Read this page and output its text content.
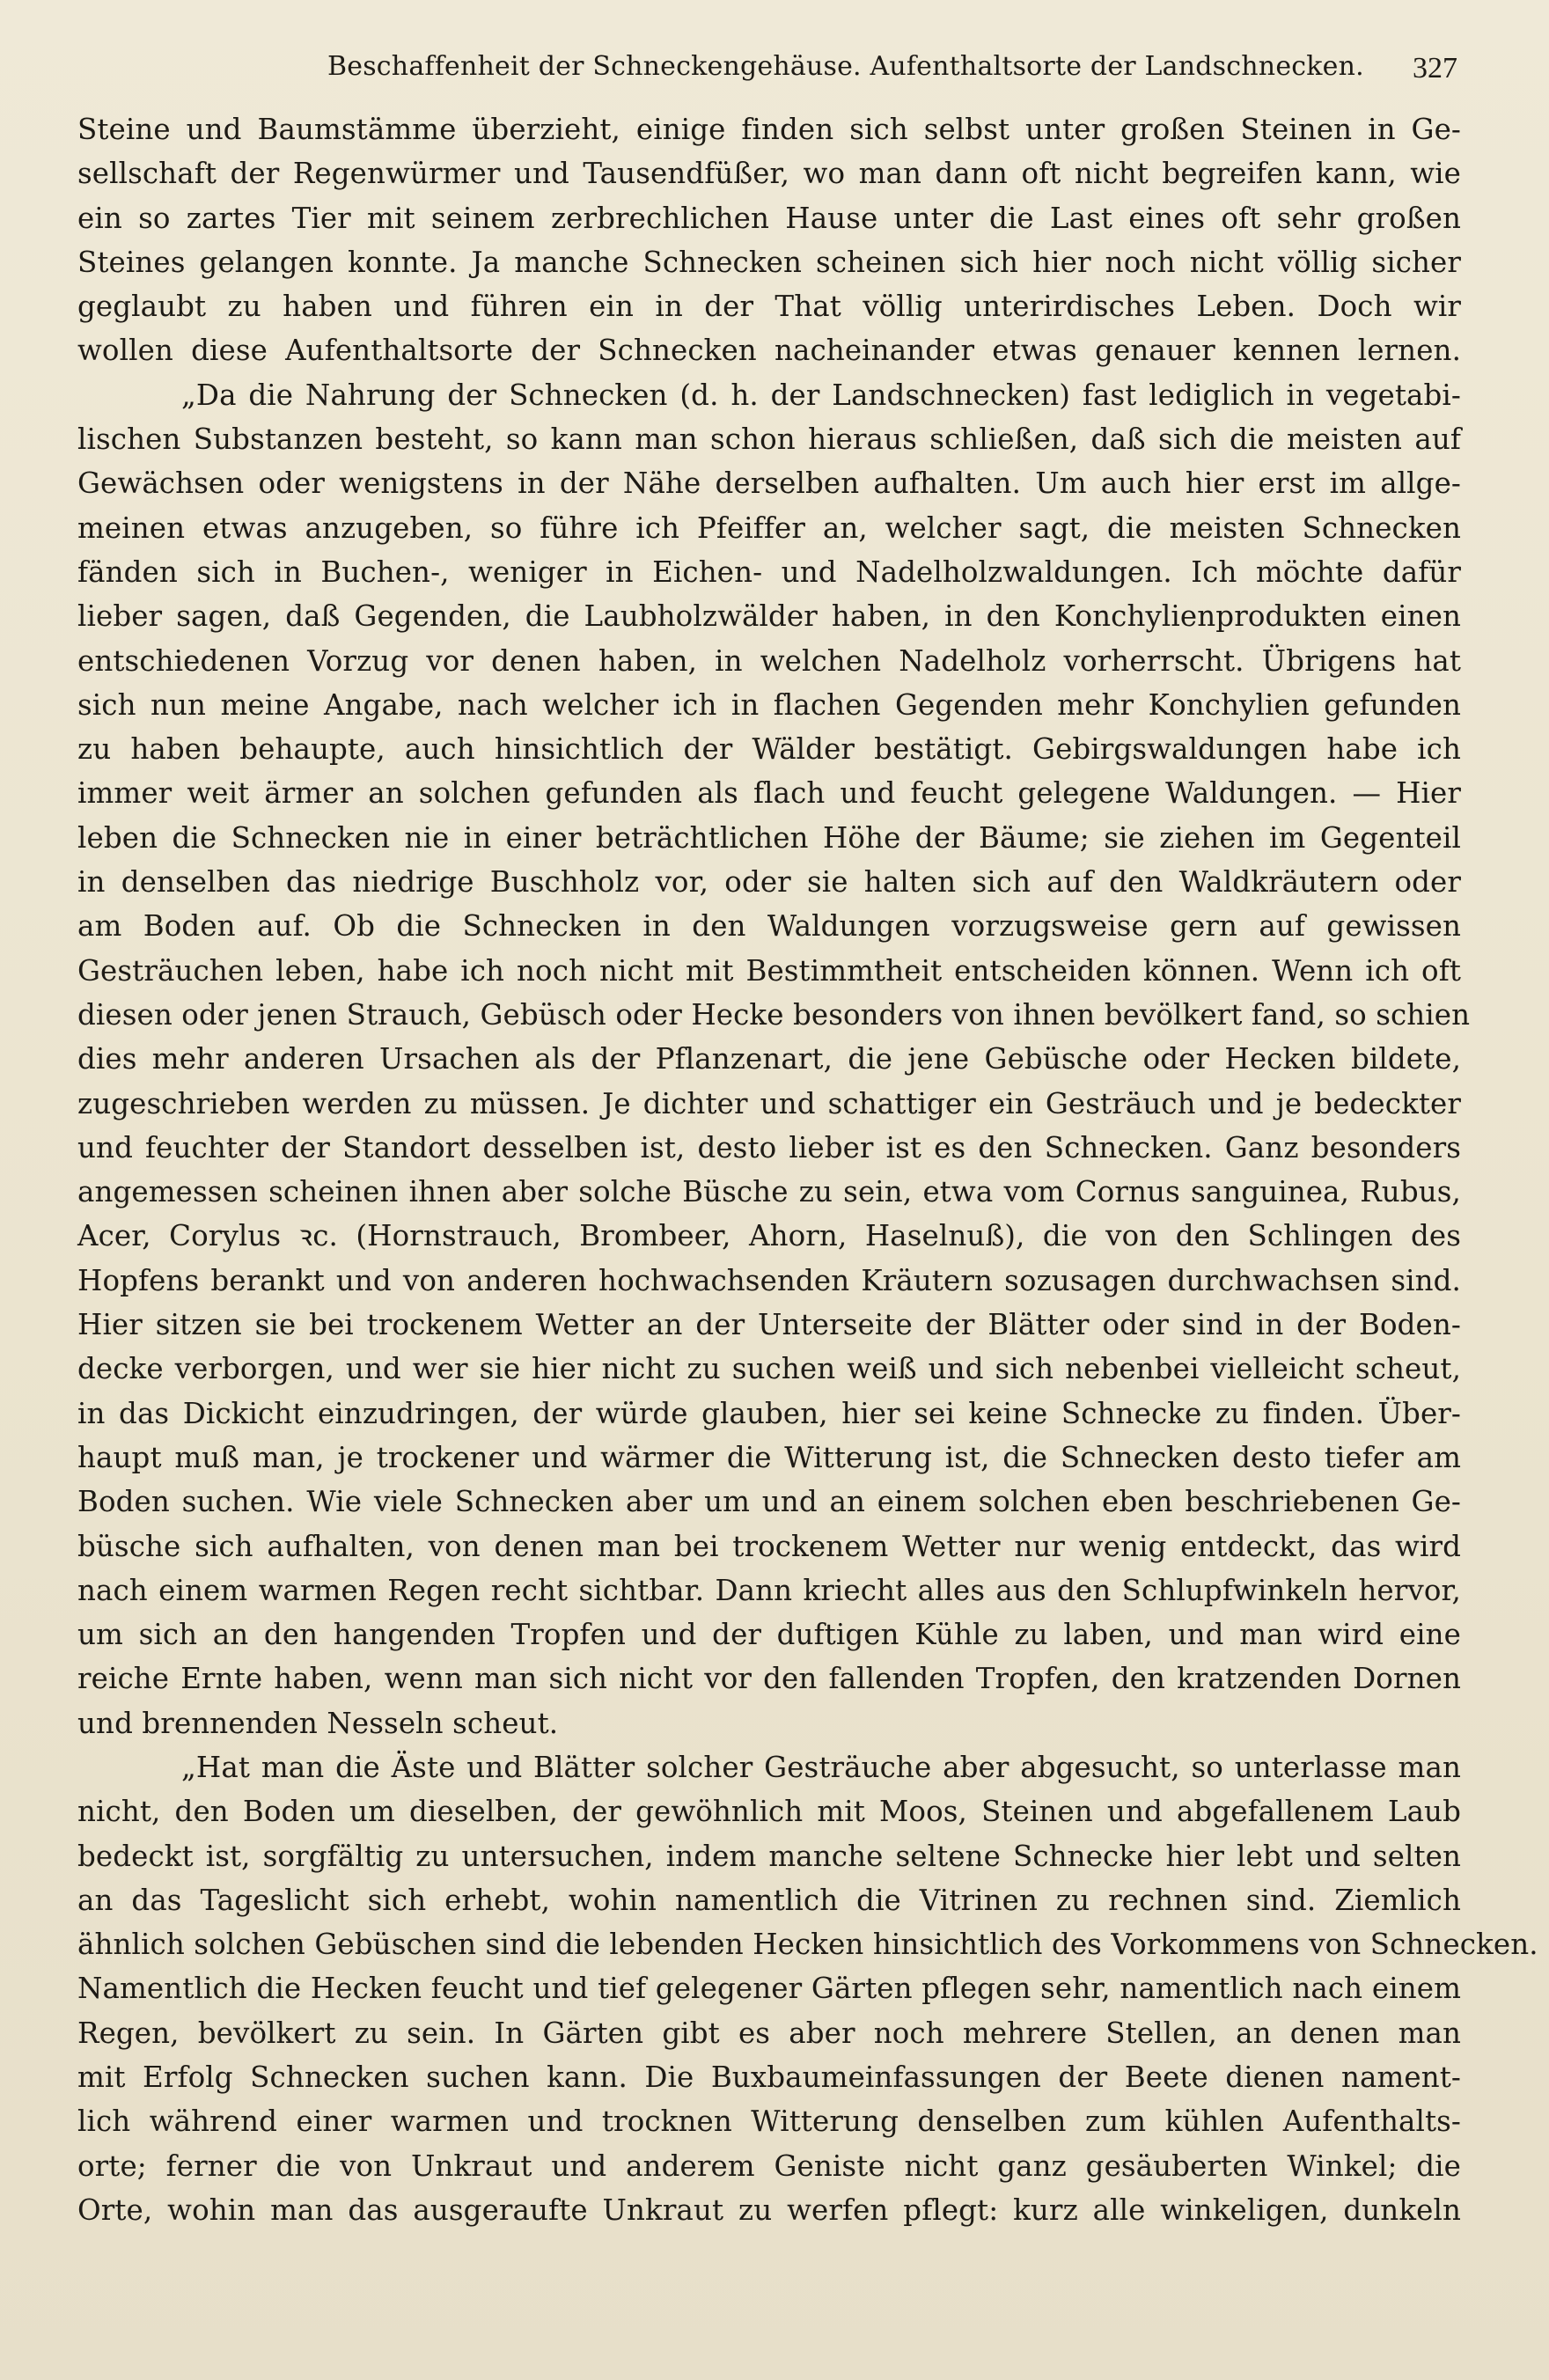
Beschaffenheit der Schneckengehäuse. Aufenthaltsorte der Landschnecken. 327
Steine und Baumstämme überzieht, einige finden sich selbst unter großen Steinen in Ge-
sellschaft der Regenwürmer und Tausendfüßer, wo man dann oft nicht begreifen kann, wie
ein so zartes Tier mit seinem zerbrechlichen Hause unter die Last eines oft sehr großen
Steines gelangen konnte. Ja manche Schnecken scheinen sich hier noch nicht völlig sicher
geglaubt zu haben und führen ein in der That völlig unterirdisches Leben. Doch wir
wollen diese Aufenthaltsorte der Schnecken nacheinander etwas genauer kennen lernen.
„Da die Nahrung der Schnecken (d. h. der Landschnecken) fast lediglich in vegetabi-
lischen Substanzen besteht, so kann man schon hieraus schließen, daß sich die meisten auf
Gewächsen oder wenigstens in der Nähe derselben aufhalten. Um auch hier erst im allge-
meinen etwas anzugeben, so führe ich Pfeiffer an, welcher sagt, die meisten Schnecken
fänden sich in Buchen-, weniger in Eichen- und Nadelholzwaldungen. Ich möchte dafür
lieber sagen, daß Gegenden, die Laubholzwälder haben, in den Konchylienprodukten einen
entschiedenen Vorzug vor denen haben, in welchen Nadelholz vorherrscht. Übrigens hat
sich nun meine Angabe, nach welcher ich in flachen Gegenden mehr Konchylien gefunden
zu haben behaupte, auch hinsichtlich der Wälder bestätigt. Gebirgswaldungen habe ich
immer weit ärmer an solchen gefunden als flach und feucht gelegene Waldungen. — Hier
leben die Schnecken nie in einer beträchtlichen Höhe der Bäume; sie ziehen im Gegenteil
in denselben das niedrige Buschholz vor, oder sie halten sich auf den Waldkräutern oder
am Boden auf. Ob die Schnecken in den Waldungen vorzugsweise gern auf gewissen
Gesträuchen leben, habe ich noch nicht mit Bestimmtheit entscheiden können. Wenn ich oft
diesen oder jenen Strauch, Gebüsch oder Hecke besonders von ihnen bevölkert fand, so schien
dies mehr anderen Ursachen als der Pflanzenart, die jene Gebüsche oder Hecken bildete,
zugeschrieben werden zu müssen. Je dichter und schattiger ein Gesträuch und je bedeckter
und feuchter der Standort desselben ist, desto lieber ist es den Schnecken. Ganz besonders
angemessen scheinen ihnen aber solche Büsche zu sein, etwa vom Cornus sanguinea, Rubus,
Acer, Corylus ꝛc. (Hornstrauch, Brombeer, Ahorn, Haselnuß), die von den Schlingen des
Hopfens berankt und von anderen hochwachsenden Kräutern sozusagen durchwachsen sind.
Hier sitzen sie bei trockenem Wetter an der Unterseite der Blätter oder sind in der Boden-
decke verborgen, und wer sie hier nicht zu suchen weiß und sich nebenbei vielleicht scheut,
in das Dickicht einzudringen, der würde glauben, hier sei keine Schnecke zu finden. Über-
haupt muß man, je trockener und wärmer die Witterung ist, die Schnecken desto tiefer am
Boden suchen. Wie viele Schnecken aber um und an einem solchen eben beschriebenen Ge-
büsche sich aufhalten, von denen man bei trockenem Wetter nur wenig entdeckt, das wird
nach einem warmen Regen recht sichtbar. Dann kriecht alles aus den Schlupfwinkeln hervor,
um sich an den hangenden Tropfen und der duftigen Kühle zu laben, und man wird eine
reiche Ernte haben, wenn man sich nicht vor den fallenden Tropfen, den kratzenden Dornen
und brennenden Nesseln scheut.
„Hat man die Äste und Blätter solcher Gesträuche aber abgesucht, so unterlasse man
nicht, den Boden um dieselben, der gewöhnlich mit Moos, Steinen und abgefallenem Laub
bedeckt ist, sorgfältig zu untersuchen, indem manche seltene Schnecke hier lebt und selten
an das Tageslicht sich erhebt, wohin namentlich die Vitrinen zu rechnen sind. Ziemlich
ähnlich solchen Gebüschen sind die lebenden Hecken hinsichtlich des Vorkommens von Schnecken.
Namentlich die Hecken feucht und tief gelegener Gärten pflegen sehr, namentlich nach einem
Regen, bevölkert zu sein. In Gärten gibt es aber noch mehrere Stellen, an denen man
mit Erfolg Schnecken suchen kann. Die Buxbaumeinfassungen der Beete dienen nament-
lich während einer warmen und trocknen Witterung denselben zum kühlen Aufenthalts-
orte; ferner die von Unkraut und anderem Geniste nicht ganz gesäuberten Winkel; die
Orte, wohin man das ausgeraufte Unkraut zu werfen pflegt: kurz alle winkeligen, dunkeln
